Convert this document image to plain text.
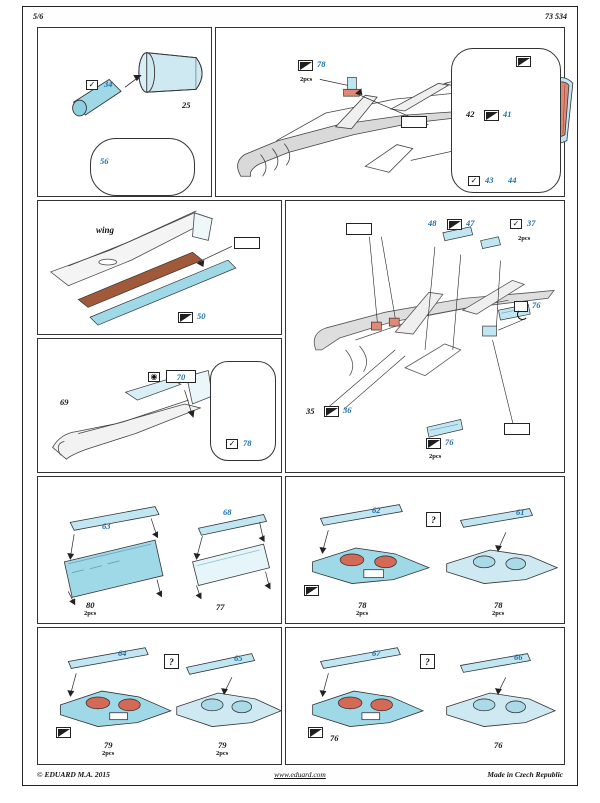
5/6	73 534
✓ 34
25
56
78
2pcs
41
42
✓ 43 44
wing
50
69
◉ 70
✓ 78
47
48	✓ 37
2pcs
76
76
2pcs
35	36
63
80
2pcs
68
77
62
?
78
2pcs
61
78
2pcs
64
?
79
2pcs
65
79
2pcs
67
?
76
66
76
© EDUARD M.A. 2015	www.eduard.com	Made in Czech Republic
